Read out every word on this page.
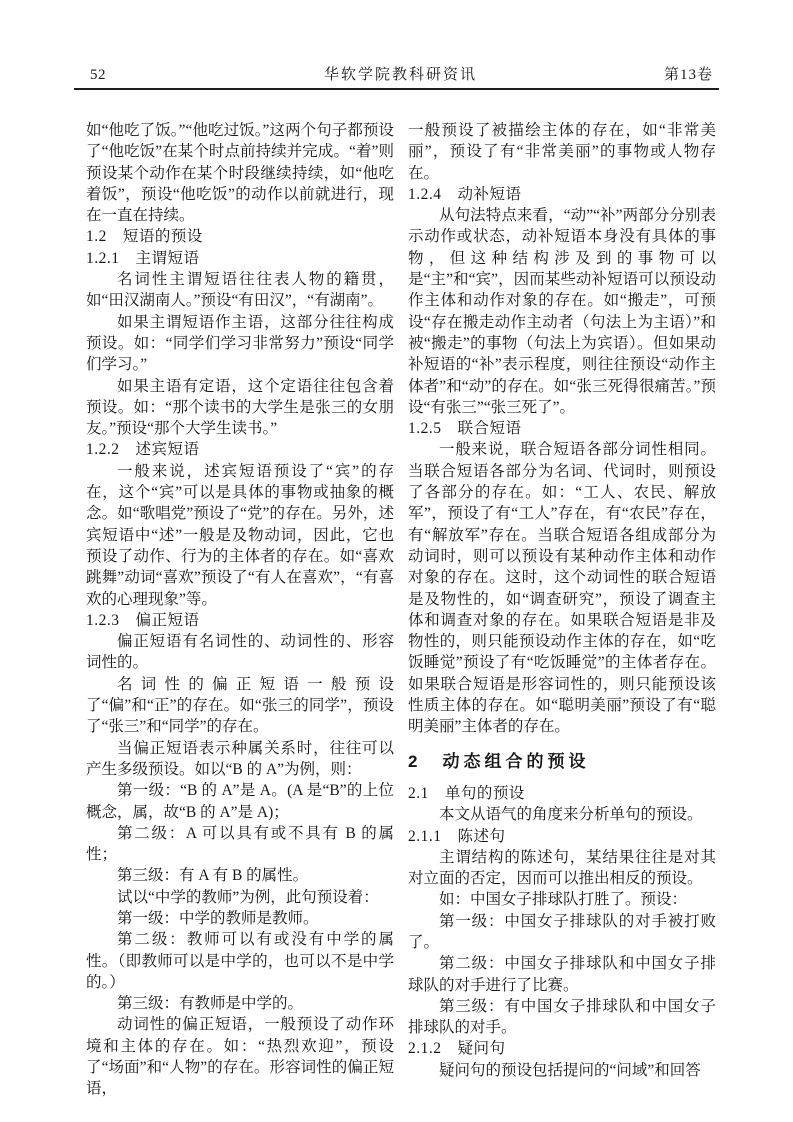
52	华软学院教科研资讯	第13卷
如“他吃了饭。”“他吃过饭。”这两个句子都预设了“他吃饭”在某个时点前持续并完成。“着”则预设某个动作在某个时段继续持续，如“他吃着饭”，预设“他吃饭”的动作以前就进行，现在一直在持续。
1.2　短语的预设
1.2.1　主谓短语
名词性主谓短语往往表人物的籍贯，如“田汉湖南人。”预设“有田汉”，“有湖南”。
如果主谓短语作主语，这部分往往构成预设。如：“同学们学习非常努力”预设“同学们学习。”
如果主语有定语，这个定语往往包含着预设。如：“那个读书的大学生是张三的女朋友。”预设“那个大学生读书。”
1.2.2　述宾短语
一般来说，述宾短语预设了“宾”的存在，这个“宾”可以是具体的事物或抽象的概念。如“歌唱党”预设了“党”的存在。另外，述宾短语中“述”一般是及物动词，因此，它也预设了动作、行为的主体者的存在。如“喜欢跳舞”动词“喜欢”预设了“有人在喜欢”，“有喜欢的心理现象”等。
1.2.3　偏正短语
偏正短语有名词性的、动词性的、形容词性的。
名词性的偏正短语一般预设了“偏”和“正”的存在。如“张三的同学”，预设了“张三”和“同学”的存在。
当偏正短语表示种属关系时，往往可以产生多级预设。如以“B 的 A”为例，则：
第一级：“B 的 A”是 A。(A 是“B”的上位概念，属，故“B 的 A”是 A)；
第二级：A 可以具有或不具有 B 的属性；
第三级：有 A 有 B 的属性。
试以“中学的教师”为例，此句预设着：
第一级：中学的教师是教师。
第二级：教师可以有或没有中学的属性。（即教师可以是中学的，也可以不是中学的。）
第三级：有教师是中学的。
动词性的偏正短语，一般预设了动作环境和主体的存在。如：“热烈欢迎”，预设了“场面”和“人物”的存在。形容词性的偏正短语，
一般预设了被描绘主体的存在，如“非常美丽”，预设了有“非常美丽”的事物或人物存在。
1.2.4　动补短语
从句法特点来看，“动”“补”两部分分别表示动作或状态，动补短语本身没有具体的事物，但这种结构涉及到的事物可以是“主”和“宾”，因而某些动补短语可以预设动作主体和动作对象的存在。如“搬走”，可预设“存在搬走动作主动者（句法上为主语）”和被“搬走”的事物（句法上为宾语）。但如果动补短语的“补”表示程度，则往往预设“动作主体者”和“动”的存在。如“张三死得很痛苦。”预设“有张三”“张三死了”。
1.2.5　联合短语
一般来说，联合短语各部分词性相同。当联合短语各部分为名词、代词时，则预设了各部分的存在。如：“工人、农民、解放军”，预设了有“工人”存在，有“农民”存在，有“解放军”存在。当联合短语各组成部分为动词时，则可以预设有某种动作主体和动作对象的存在。这时，这个动词性的联合短语是及物性的，如“调查研究”，预设了调查主体和调查对象的存在。如果联合短语是非及物性的，则只能预设动作主体的存在，如“吃饭睡觉”预设了有“吃饭睡觉”的主体者存在。如果联合短语是形容词性的，则只能预设该性质主体的存在。如“聪明美丽”预设了有“聪明美丽”主体者的存在。
2　动态组合的预设
2.1　单句的预设
本文从语气的角度来分析单句的预设。
2.1.1　陈述句
主谓结构的陈述句，某结果往往是对其对立面的否定，因而可以推出相反的预设。
如：中国女子排球队打胜了。预设：
第一级：中国女子排球队的对手被打败了。
第二级：中国女子排球队和中国女子排球队的对手进行了比赛。
第三级：有中国女子排球队和中国女子排球队的对手。
2.1.2　疑问句
疑问句的预设包括提问的“问域”和回答
